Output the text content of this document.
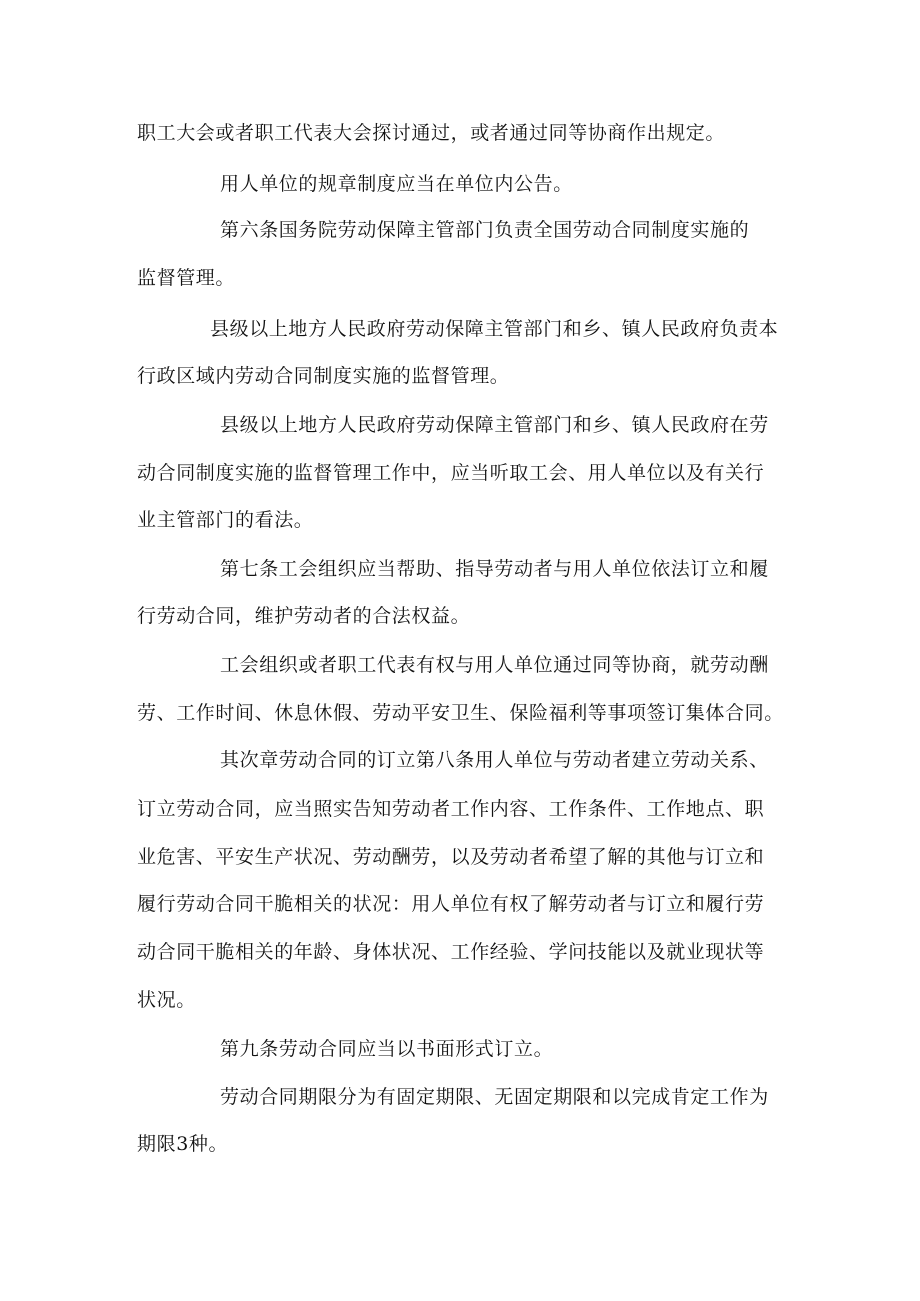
职工大会或者职工代表大会探讨通过，或者通过同等协商作出规定。

用人单位的规章制度应当在单位内公告。

第六条国务院劳动保障主管部门负责全国劳动合同制度实施的

监督管理。

县级以上地方人民政府劳动保障主管部门和乡、镇人民政府负责本

行政区域内劳动合同制度实施的监督管理。

县级以上地方人民政府劳动保障主管部门和乡、镇人民政府在劳

动合同制度实施的监督管理工作中，应当听取工会、用人单位以及有关行

业主管部门的看法。

第七条工会组织应当帮助、指导劳动者与用人单位依法订立和履

行劳动合同，维护劳动者的合法权益。

工会组织或者职工代表有权与用人单位通过同等协商，就劳动酬

劳、工作时间、休息休假、劳动平安卫生、保险福利等事项签订集体合同。

其次章劳动合同的订立第八条用人单位与劳动者建立劳动关系、

订立劳动合同，应当照实告知劳动者工作内容、工作条件、工作地点、职

业危害、平安生产状况、劳动酬劳，以及劳动者希望了解的其他与订立和

履行劳动合同干脆相关的状况：用人单位有权了解劳动者与订立和履行劳

动合同干脆相关的年龄、身体状况、工作经验、学问技能以及就业现状等

状况。

第九条劳动合同应当以书面形式订立。

劳动合同期限分为有固定期限、无固定期限和以完成肯定工作为

期限3种。
